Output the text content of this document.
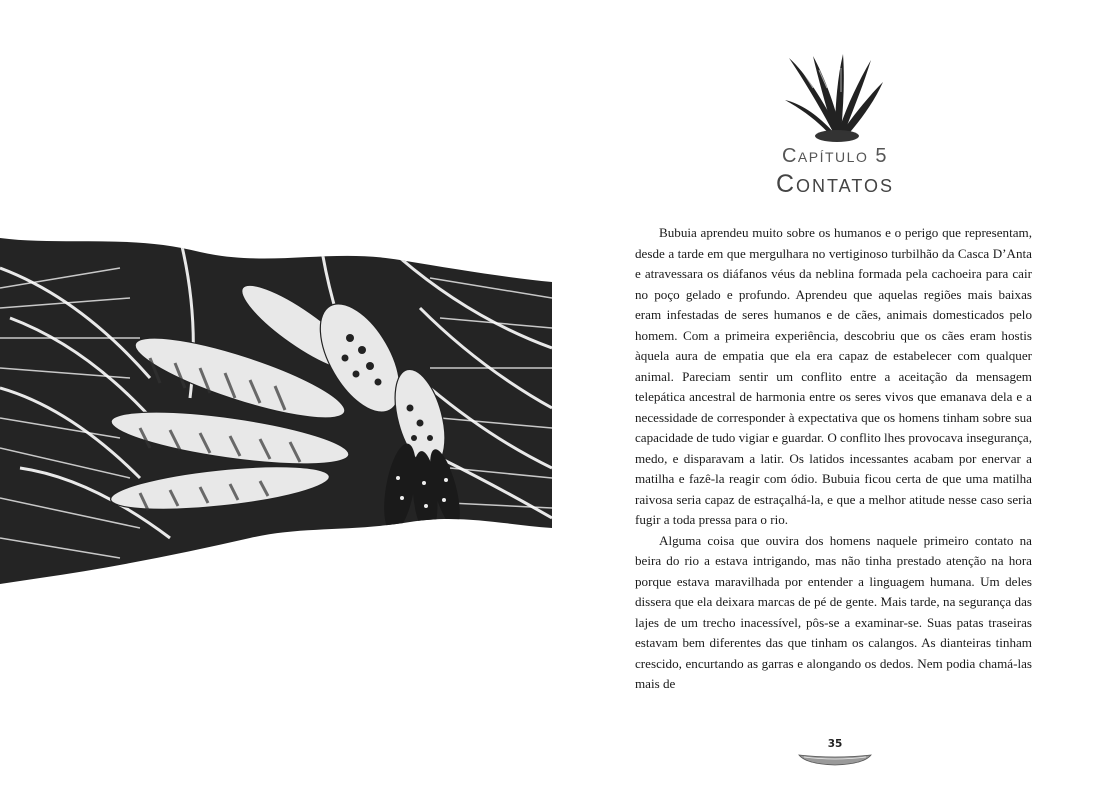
Capítulo 5
Contatos

Bubuia aprendeu muito sobre os humanos e o perigo que representam, desde a tarde em que mergulhara no vertiginoso turbilhão da Casca D’Anta e atravessara os diáfanos véus da neblina formada pela cachoeira para cair no poço gelado e profundo. Aprendeu que aquelas regiões mais baixas eram infestadas de seres humanos e de cães, animais domesticados pelo homem. Com a primeira experiência, descobriu que os cães eram hostis àquela aura de empatia que ela era capaz de estabelecer com qualquer animal. Pareciam sentir um conflito entre a aceitação da mensagem telepática ancestral de harmonia entre os seres vivos que emanava dela e a necessidade de corresponder à expectativa que os homens tinham sobre sua capacidade de tudo vigiar e guardar. O conflito lhes provocava insegurança, medo, e disparavam a latir. Os latidos incessantes acabam por enervar a matilha e fazê-la reagir com ódio. Bubuia ficou certa de que uma matilha raivosa seria capaz de estraçalhá-la, e que a melhor atitude nesse caso seria fugir a toda pressa para o rio.

Alguma coisa que ouvira dos homens naquele primeiro contato na beira do rio a estava intrigando, mas não tinha prestado atenção na hora porque estava maravilhada por entender a linguagem humana. Um deles dissera que ela deixara marcas de pé de gente. Mais tarde, na segurança das lajes de um trecho inacessível, pôs-se a examinar-se. Suas patas traseiras estavam bem diferentes das que tinham os calangos. As dianteiras tinham crescido, encurtando as garras e alongando os dedos. Nem podia chamá-las mais de

35
